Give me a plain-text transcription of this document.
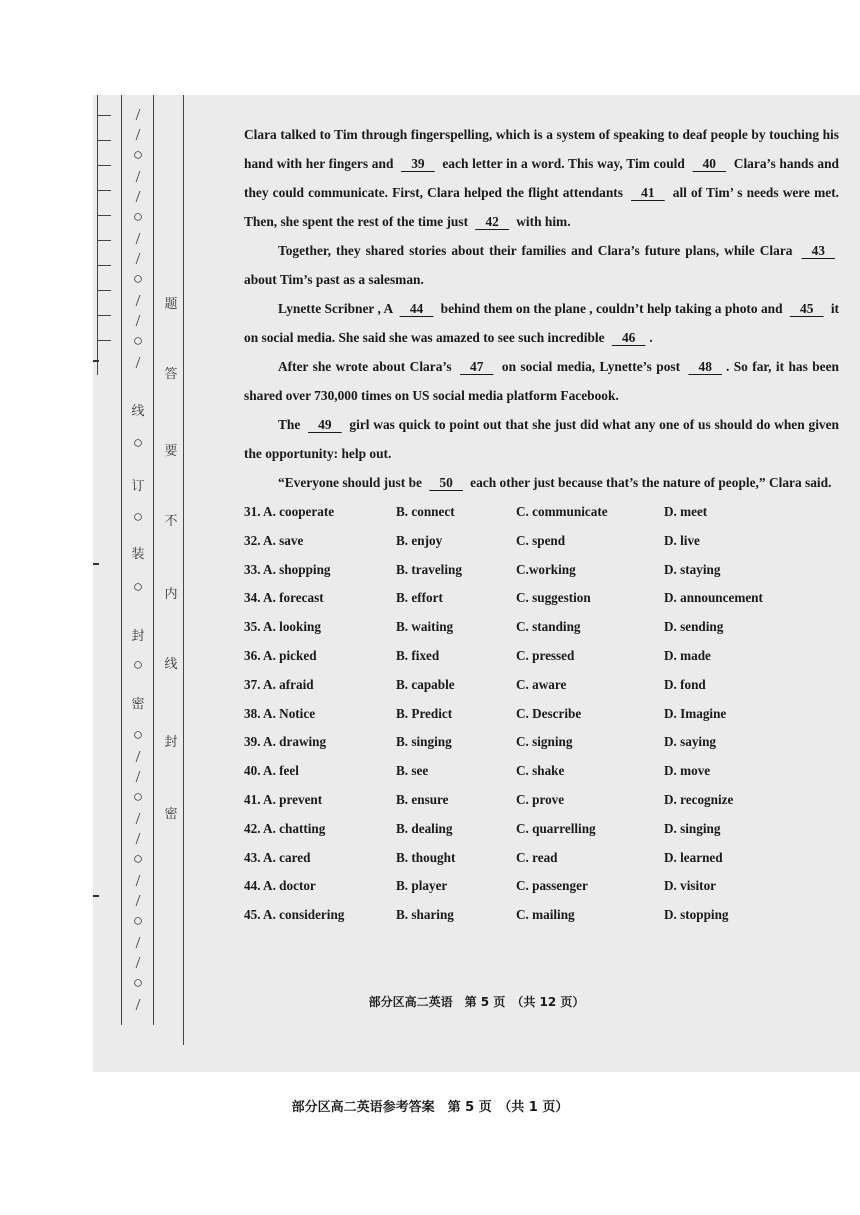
/
/
○
/
/
○
/
/
○
/
/
○
/
线
○
订
○
装
○
封
○
密
○
/
/
○
/
/
○
/
/
○
/
/
○
/
题
答
要
不
内
线
封
密

Clara talked to Tim through fingerspelling, which is a system of speaking to deaf people by touching his hand with her fingers and 39 each letter in a word. This way, Tim could 40 Clara’s hands and they could communicate. First, Clara helped the flight attendants 41 all of Tim’ s needs were met. Then, she spent the rest of the time just 42 with him.

Together, they shared stories about their families and Clara’s future plans, while Clara 43 about Tim’s past as a salesman.

Lynette Scribner , A 44 behind them on the plane , couldn’t help taking a photo and 45 it on social media. She said she was amazed to see such incredible 46 .

After she wrote about Clara’s 47 on social media, Lynette’s post 48 . So far, it has been shared over 730,000 times on US social media platform Facebook.

The 49 girl was quick to point out that she just did what any one of us should do when given the opportunity: help out.

“Everyone should just be 50 each other just because that’s the nature of people,” Clara said.

31. A. cooperate	B. connect	C. communicate	D. meet
32. A. save	B. enjoy	C. spend	D. live
33. A. shopping	B. traveling	C.working	D. staying
34. A. forecast	B. effort	C. suggestion	D. announcement
35. A. looking	B. waiting	C. standing	D. sending
36. A. picked	B. fixed	C. pressed	D. made
37. A. afraid	B. capable	C. aware	D. fond
38. A. Notice	B. Predict	C. Describe	D. Imagine
39. A. drawing	B. singing	C. signing	D. saying
40. A. feel	B. see	C. shake	D. move
41. A. prevent	B. ensure	C. prove	D. recognize
42. A. chatting	B. dealing	C. quarrelling	D. singing
43. A. cared	B. thought	C. read	D. learned
44. A. doctor	B. player	C. passenger	D. visitor
45. A. considering	B. sharing	C. mailing	D. stopping
部分区高二英语　第 5 页　（共 12 页）
部分区高二英语参考答案　第 5 页　（共 1 页）
